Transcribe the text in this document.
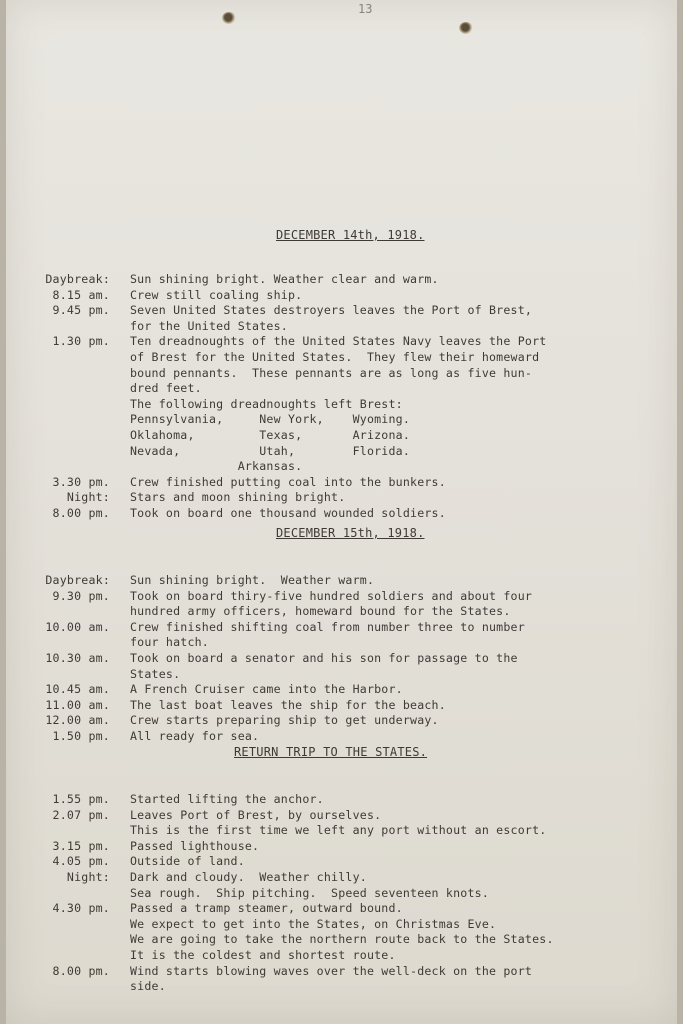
13
DECEMBER 14th, 1918.
Daybreak: Sun shining bright. Weather clear and warm.
8.15 am. Crew still coaling ship.
9.45 pm. Seven United States destroyers leaves the Port of Brest,
for the United States.
1.30 pm. Ten dreadnoughts of the United States Navy leaves the Port
of Brest for the United States.  They flew their homeward
bound pennants.  These pennants are as long as five hun-
dred feet.
The following dreadnoughts left Brest:
Pennsylvania,     New York,    Wyoming.
Oklahoma,         Texas,       Arizona.
Nevada,           Utah,        Florida.
Arkansas.
3.30 pm. Crew finished putting coal into the bunkers.
Night: Stars and moon shining bright.
8.00 pm. Took on board one thousand wounded soldiers.
DECEMBER 15th, 1918.
Daybreak: Sun shining bright.  Weather warm.
9.30 pm. Took on board thiry-five hundred soldiers and about four
hundred army officers, homeward bound for the States.
10.00 am. Crew finished shifting coal from number three to number
four hatch.
10.30 am. Took on board a senator and his son for passage to the
States.
10.45 am. A French Cruiser came into the Harbor.
11.00 am. The last boat leaves the ship for the beach.
12.00 am. Crew starts preparing ship to get underway.
1.50 pm. All ready for sea.
RETURN TRIP TO THE STATES.
1.55 pm. Started lifting the anchor.
2.07 pm. Leaves Port of Brest, by ourselves.
This is the first time we left any port without an escort.
3.15 pm. Passed lighthouse.
4.05 pm. Outside of land.
Night: Dark and cloudy.  Weather chilly.
Sea rough.  Ship pitching.  Speed seventeen knots.
4.30 pm. Passed a tramp steamer, outward bound.
We expect to get into the States, on Christmas Eve.
We are going to take the northern route back to the States.
It is the coldest and shortest route.
8.00 pm. Wind starts blowing waves over the well-deck on the port
side.
